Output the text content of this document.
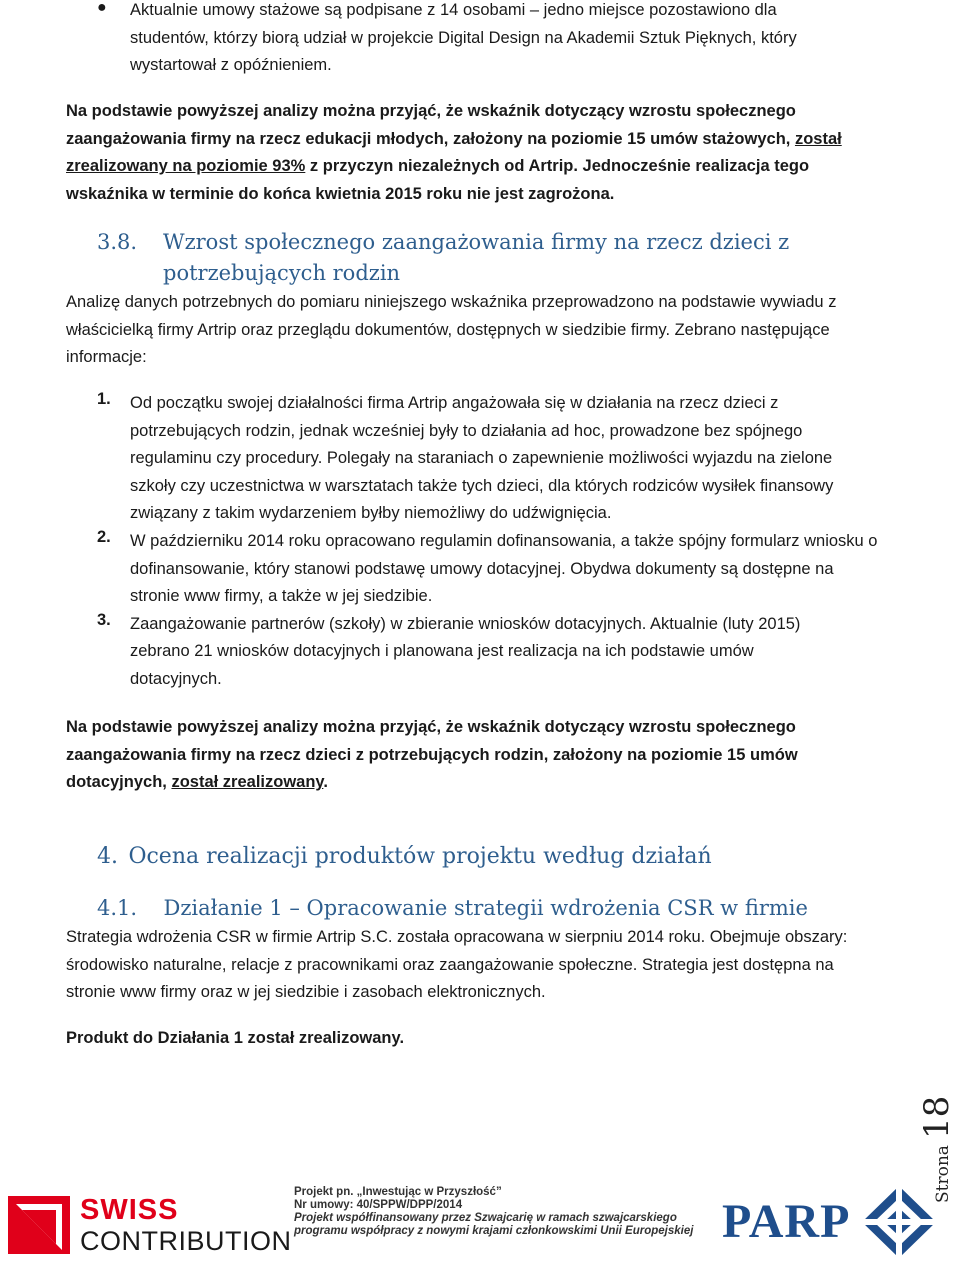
● Aktualnie umowy stażowe są podpisane z 14 osobami – jedno miejsce pozostawiono dla studentów, którzy biorą udział w projekcie Digital Design na Akademii Sztuk Pięknych, który wystartował z opóźnieniem.

Na podstawie powyższej analizy można przyjąć, że wskaźnik dotyczący wzrostu społecznego zaangażowania firmy na rzecz edukacji młodych, założony na poziomie 15 umów stażowych, został zrealizowany na poziomie 93% z przyczyn niezależnych od Artrip. Jednocześnie realizacja tego wskaźnika w terminie do końca kwietnia 2015 roku nie jest zagrożona.

3.8. Wzrost społecznego zaangażowania firmy na rzecz dzieci z potrzebujących rodzin

Analizę danych potrzebnych do pomiaru niniejszego wskaźnika przeprowadzono na podstawie wywiadu z właścicielką firmy Artrip oraz przeglądu dokumentów, dostępnych w siedzibie firmy. Zebrano następujące informacje:

1. Od początku swojej działalności firma Artrip angażowała się w działania na rzecz dzieci z potrzebujących rodzin, jednak wcześniej były to działania ad hoc, prowadzone bez spójnego regulaminu czy procedury. Polegały na staraniach o zapewnienie możliwości wyjazdu na zielone szkoły czy uczestnictwa w warsztatach także tych dzieci, dla których rodziców wysiłek finansowy związany z takim wydarzeniem byłby niemożliwy do udźwignięcia.

2. W październiku 2014 roku opracowano regulamin dofinansowania, a także spójny formularz wniosku o dofinansowanie, który stanowi podstawę umowy dotacyjnej. Obydwa dokumenty są dostępne na stronie www firmy, a także w jej siedzibie.

3. Zaangażowanie partnerów (szkoły) w zbieranie wniosków dotacyjnych. Aktualnie (luty 2015) zebrano 21 wniosków dotacyjnych i planowana jest realizacja na ich podstawie umów dotacyjnych.

Na podstawie powyższej analizy można przyjąć, że wskaźnik dotyczący wzrostu społecznego zaangażowania firmy na rzecz dzieci z potrzebujących rodzin, założony na poziomie 15 umów dotacyjnych, został zrealizowany.

4. Ocena realizacji produktów projektu według działań
4.1. Działanie 1 – Opracowanie strategii wdrożenia CSR w firmie

Strategia wdrożenia CSR w firmie Artrip S.C. została opracowana w sierpniu 2014 roku. Obejmuje obszary: środowisko naturalne, relacje z pracownikami oraz zaangażowanie społeczne. Strategia jest dostępna na stronie www firmy oraz w jej siedzibie i zasobach elektronicznych.

Produkt do Działania 1 został zrealizowany.

Strona
18
SWISS
CONTRIBUTION
Projekt pn. „Inwestując w Przyszłość”
Nr umowy: 40/SPPW/DPP/2014
Projekt współfinansowany przez Szwajcarię w ramach szwajcarskiego
programu współpracy z nowymi krajami członkowskimi Unii Europejskiej PARP
